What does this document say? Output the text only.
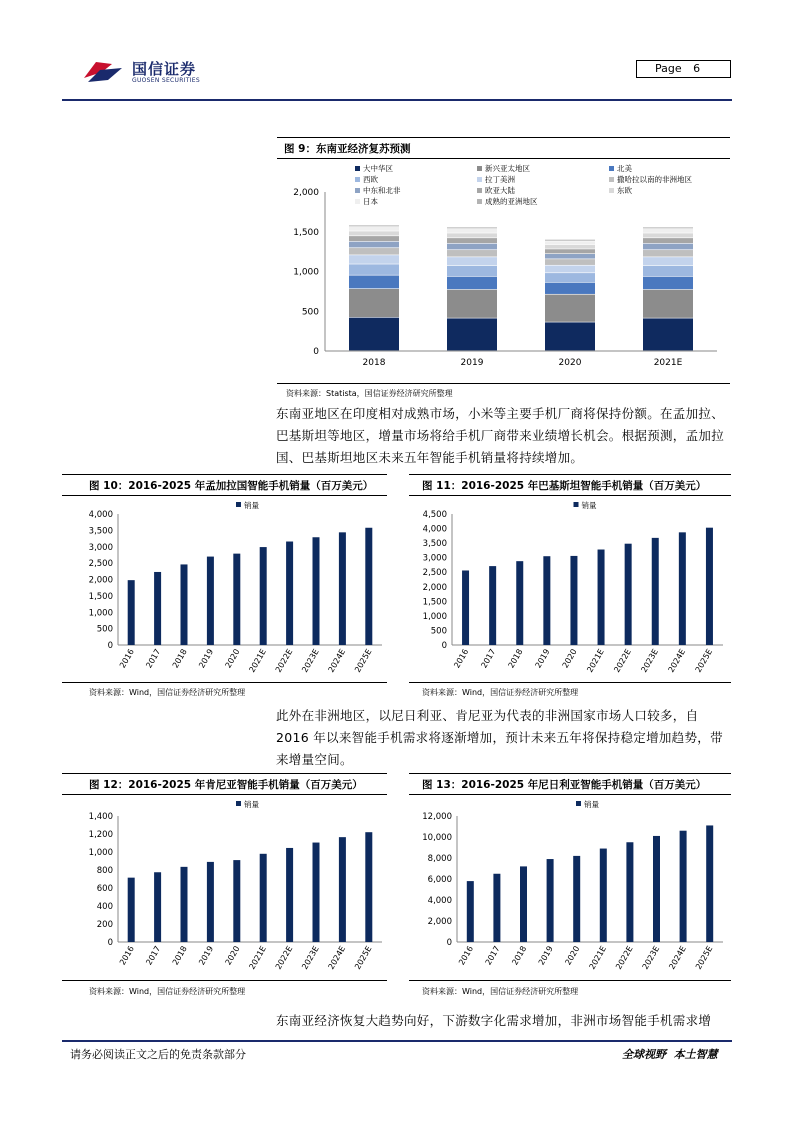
国信证券
GUOSEN SECURITIES
Page 6
图 9：东南亚经济复苏预测
0
500
1,000
1,500
2,000
2018	2019	2020	2021E
大中华区	新兴亚太地区	北美
西欧	拉丁美洲	撒哈拉以南的非洲地区
中东和北非	欧亚大陆	东欧
日本	成熟的亚洲地区
资料来源：Statista，国信证券经济研究所整理
东南亚地区在印度相对成熟市场，小米等主要手机厂商将保持份额。在孟加拉、巴基斯坦等地区，增量市场将给手机厂商带来业绩增长机会。根据预测，孟加拉国、巴基斯坦地区未来五年智能手机销量将持续增加。
图 10：2016-2025 年孟加拉国智能手机销量（百万美元）
0
500
1,000
1,500
2,000
2,500
3,000
3,500
4,000
销量
2016 2017 2018 2019 2020 2021E 2022E 2023E 2024E 2025E
资料来源：Wind，国信证券经济研究所整理
图 11：2016-2025 年巴基斯坦智能手机销量（百万美元）
0
500
1,000
1,500
2,000
2,500
3,000
3,500
4,000
4,500
销量
2016 2017 2018 2019 2020 2021E 2022E 2023E 2024E 2025E
资料来源：Wind，国信证券经济研究所整理
此外在非洲地区，以尼日利亚、肯尼亚为代表的非洲国家市场人口较多，自 2016 年以来智能手机需求将逐渐增加，预计未来五年将保持稳定增加趋势，带来增量空间。
图 12：2016-2025 年肯尼亚智能手机销量（百万美元）
0
200
400
600
800
1,000
1,200
1,400
销量
2016 2017 2018 2019 2020 2021E 2022E 2023E 2024E 2025E
资料来源：Wind，国信证券经济研究所整理
图 13：2016-2025 年尼日利亚智能手机销量（百万美元）
0
2,000
4,000
6,000
8,000
10,000
12,000
销量
2016 2017 2018 2019 2020 2021E 2022E 2023E 2024E 2025E
资料来源：Wind，国信证券经济研究所整理
东南亚经济恢复大趋势向好，下游数字化需求增加，非洲市场智能手机需求增
请务必阅读正文之后的免责条款部分	全球视野  本土智慧
